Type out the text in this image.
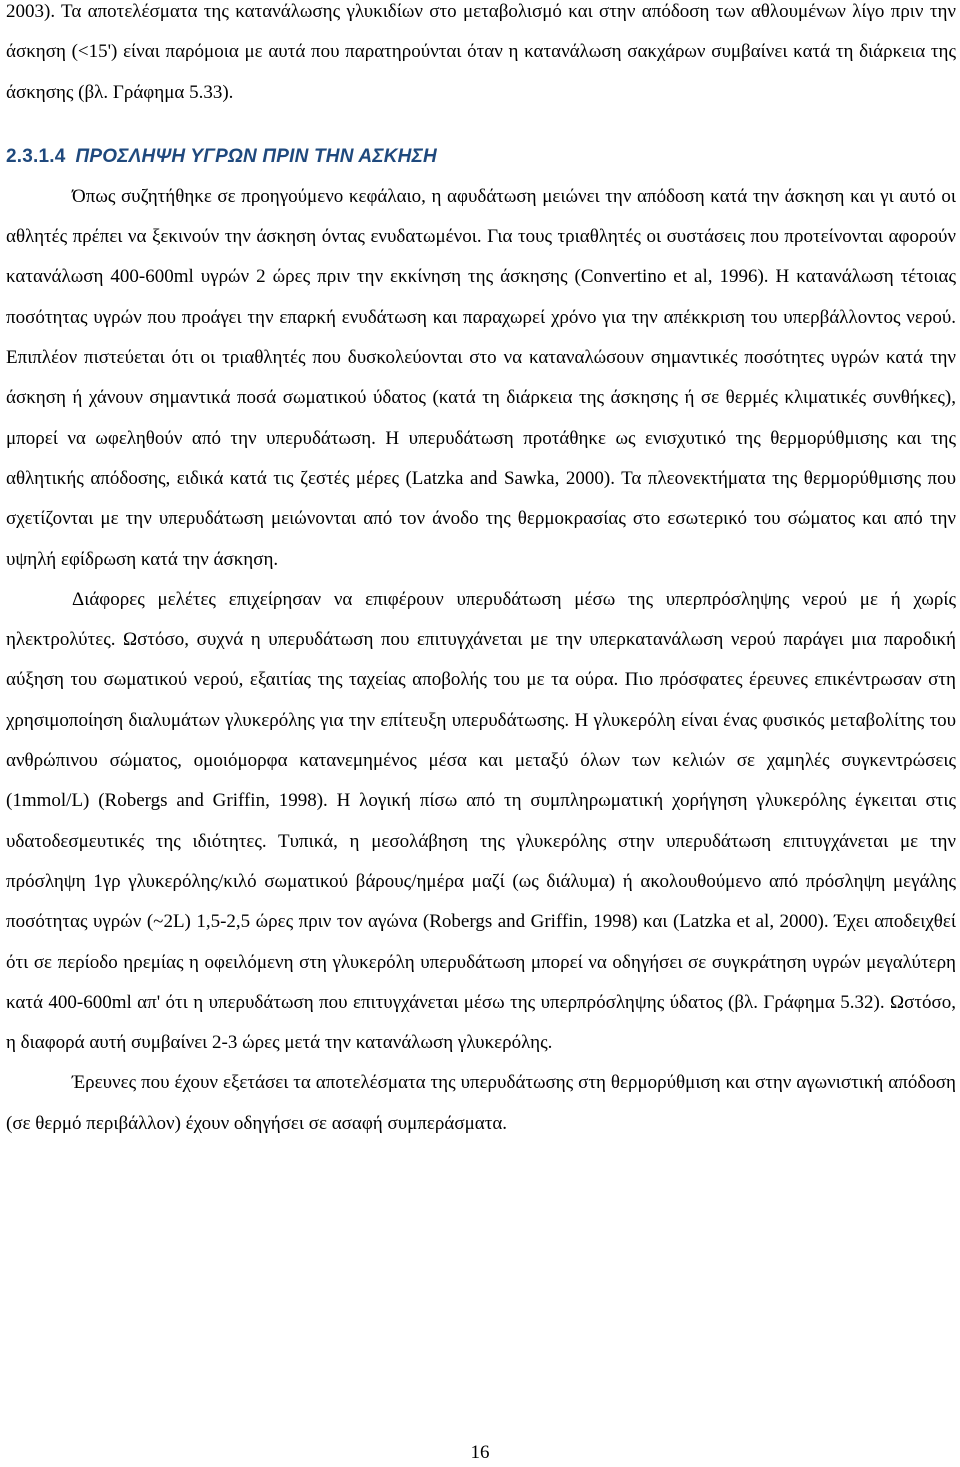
2003). Τα αποτελέσματα της κατανάλωσης γλυκιδίων στο μεταβολισμό και στην απόδοση των αθλουμένων λίγο πριν την άσκηση (<15') είναι παρόμοια με αυτά που παρατηρούνται όταν η κατανάλωση σακχάρων συμβαίνει κατά τη διάρκεια της άσκησης (βλ. Γράφημα 5.33).

2.3.1.4 ΠΡΟΣΛΗΨΗ ΥΓΡΩΝ ΠΡΙΝ ΤΗΝ ΑΣΚΗΣΗ

Όπως συζητήθηκε σε προηγούμενο κεφάλαιο, η αφυδάτωση μειώνει την απόδοση κατά την άσκηση και γι αυτό οι αθλητές πρέπει να ξεκινούν την άσκηση όντας ενυδατωμένοι. Για τους τριαθλητές οι συστάσεις που προτείνονται αφορούν κατανάλωση 400-600ml υγρών 2 ώρες πριν την εκκίνηση της άσκησης (Convertino et al, 1996). Η κατανάλωση τέτοιας ποσότητας υγρών που προάγει την επαρκή ενυδάτωση και παραχωρεί χρόνο για την απέκκριση του υπερβάλλοντος νερού. Επιπλέον πιστεύεται ότι οι τριαθλητές που δυσκολεύονται στο να καταναλώσουν σημαντικές ποσότητες υγρών κατά την άσκηση ή χάνουν σημαντικά ποσά σωματικού ύδατος (κατά τη διάρκεια της άσκησης ή σε θερμές κλιματικές συνθήκες), μπορεί να ωφεληθούν από την υπερυδάτωση. Η υπερυδάτωση προτάθηκε ως ενισχυτικό της θερμορύθμισης και της αθλητικής απόδοσης, ειδικά κατά τις ζεστές μέρες (Latzka and Sawka, 2000). Τα πλεονεκτήματα της θερμορύθμισης που σχετίζονται με την υπερυδάτωση μειώνονται από τον άνοδο της θερμοκρασίας στο εσωτερικό του σώματος και από την υψηλή εφίδρωση κατά την άσκηση.

Διάφορες μελέτες επιχείρησαν να επιφέρουν υπερυδάτωση μέσω της υπερπρόσληψης νερού με ή χωρίς ηλεκτρολύτες. Ωστόσο, συχνά η υπερυδάτωση που επιτυγχάνεται με την υπερκατανάλωση νερού παράγει μια παροδική αύξηση του σωματικού νερού, εξαιτίας της ταχείας αποβολής του με τα ούρα. Πιο πρόσφατες έρευνες επικέντρωσαν στη χρησιμοποίηση διαλυμάτων γλυκερόλης για την επίτευξη υπερυδάτωσης. Η γλυκερόλη είναι ένας φυσικός μεταβολίτης του ανθρώπινου σώματος, ομοιόμορφα κατανεμημένος μέσα και μεταξύ όλων των κελιών σε χαμηλές συγκεντρώσεις (1mmol/L) (Robergs and Griffin, 1998). Η λογική πίσω από τη συμπληρωματική χορήγηση γλυκερόλης έγκειται στις υδατοδεσμευτικές της ιδιότητες. Τυπικά, η μεσολάβηση της γλυκερόλης στην υπερυδάτωση επιτυγχάνεται με την πρόσληψη 1γρ γλυκερόλης/κιλό σωματικού βάρους/ημέρα μαζί (ως διάλυμα) ή ακολουθούμενο από πρόσληψη μεγάλης ποσότητας υγρών (~2L) 1,5-2,5 ώρες πριν τον αγώνα (Robergs and Griffin, 1998) και (Latzka et al, 2000). Έχει αποδειχθεί ότι σε περίοδο ηρεμίας η οφειλόμενη στη γλυκερόλη υπερυδάτωση μπορεί να οδηγήσει σε συγκράτηση υγρών μεγαλύτερη κατά 400-600ml απ' ότι η υπερυδάτωση που επιτυγχάνεται μέσω της υπερπρόσληψης ύδατος (βλ. Γράφημα 5.32). Ωστόσο, η διαφορά αυτή συμβαίνει 2-3 ώρες μετά την κατανάλωση γλυκερόλης.

Έρευνες που έχουν εξετάσει τα αποτελέσματα της υπερυδάτωσης στη θερμορύθμιση και στην αγωνιστική απόδοση (σε θερμό περιβάλλον) έχουν οδηγήσει σε ασαφή συμπεράσματα.

16
